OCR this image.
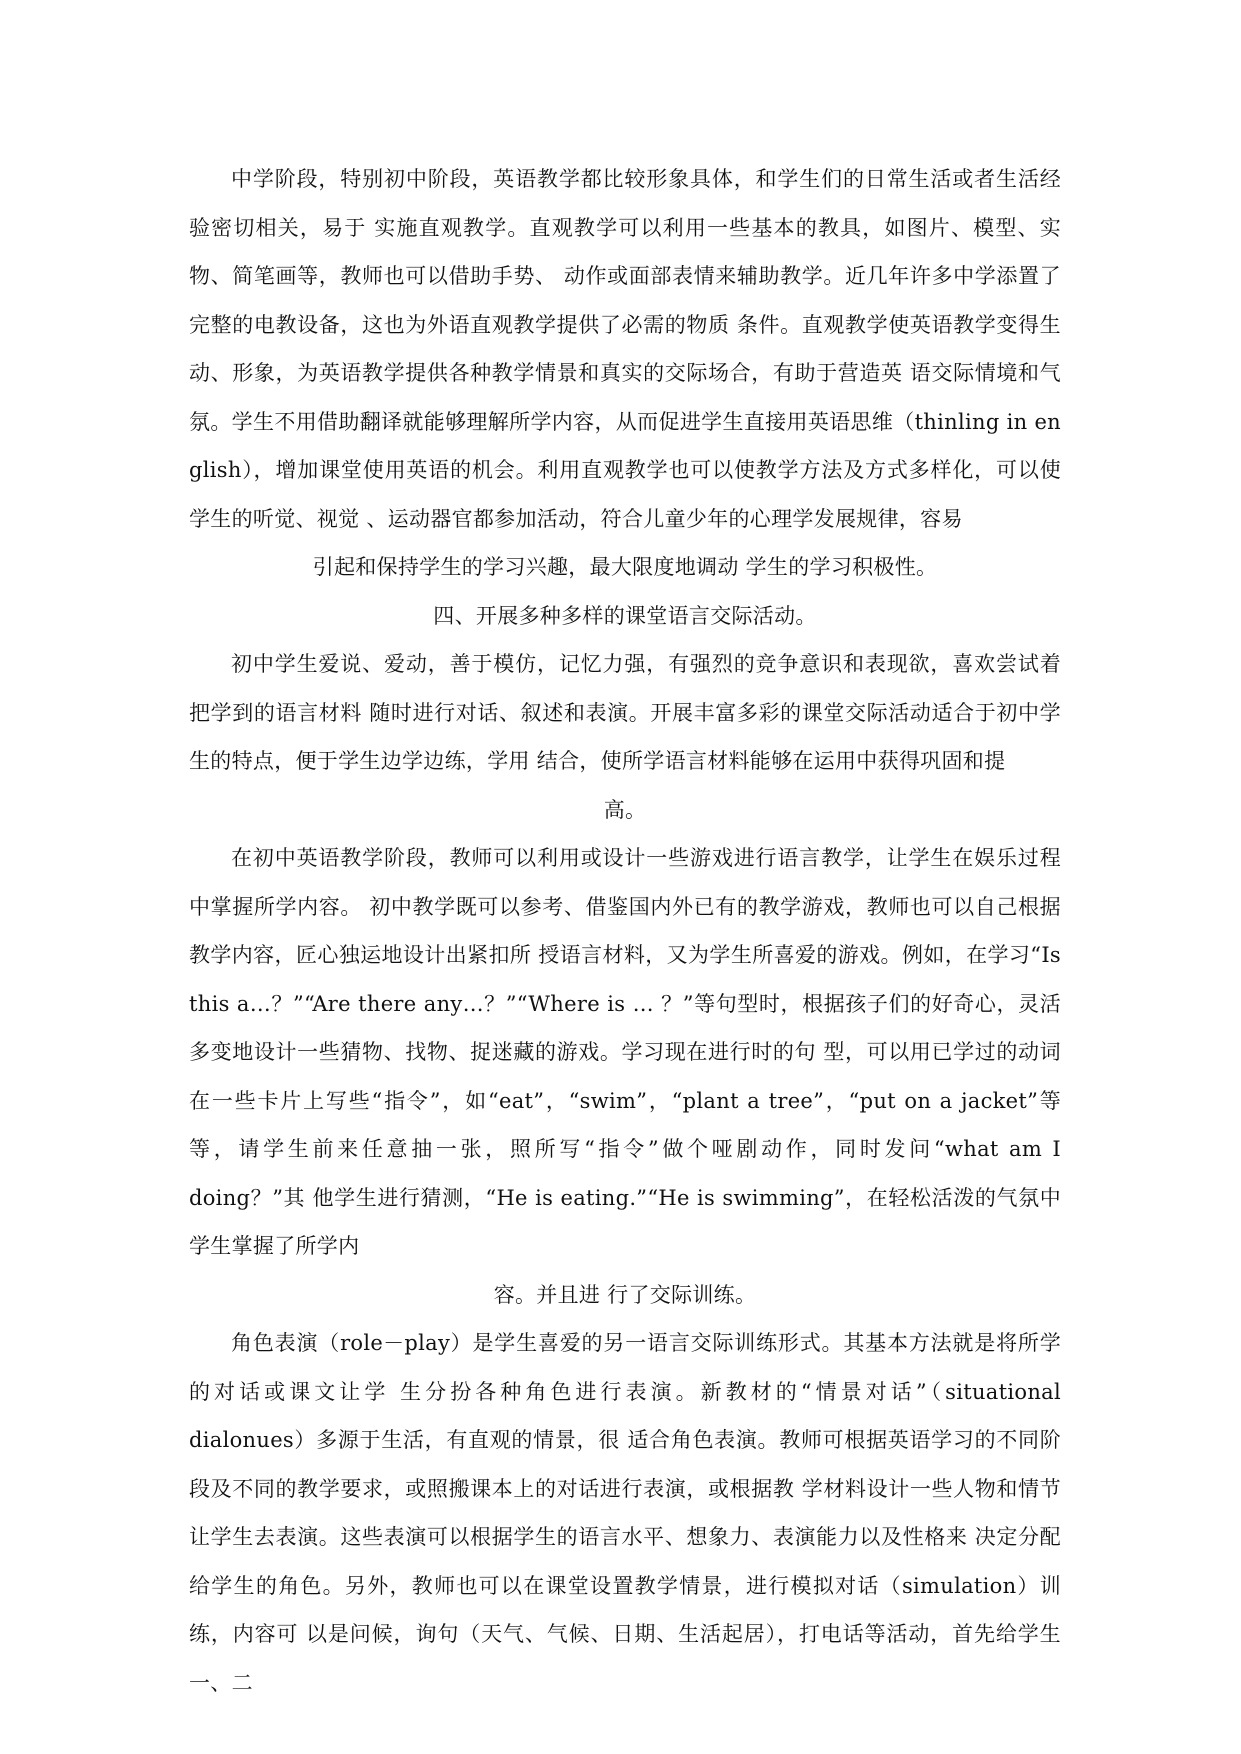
中学阶段，特别初中阶段，英语教学都比较形象具体，和学生们的日常生活或者生活经验密切相关，易于 实施直观教学。直观教学可以利用一些基本的教具，如图片、模型、实物、简笔画等，教师也可以借助手势、 动作或面部表情来辅助教学。近几年许多中学添置了完整的电教设备，这也为外语直观教学提供了必需的物质 条件。直观教学使英语教学变得生动、形象，为英语教学提供各种教学情景和真实的交际场合，有助于营造英 语交际情境和气氛。学生不用借助翻译就能够理解所学内容，从而促进学生直接用英语思维（thinling in en glish），增加课堂使用英语的机会。利用直观教学也可以使教学方法及方式多样化，可以使学生的听觉、视觉 、运动器官都参加活动，符合儿童少年的心理学发展规律，容易

引起和保持学生的学习兴趣，最大限度地调动 学生的学习积极性。

四、开展多种多样的课堂语言交际活动。

初中学生爱说、爱动，善于模仿，记忆力强，有强烈的竞争意识和表现欲，喜欢尝试着把学到的语言材料 随时进行对话、叙述和表演。开展丰富多彩的课堂交际活动适合于初中学生的特点，便于学生边学边练，学用 结合，使所学语言材料能够在运用中获得巩固和提

高。

在初中英语教学阶段，教师可以利用或设计一些游戏进行语言教学，让学生在娱乐过程中掌握所学内容。 初中教学既可以参考、借鉴国内外已有的教学游戏，教师也可以自己根据教学内容，匠心独运地设计出紧扣所 授语言材料，又为学生所喜爱的游戏。例如，在学习“Is this a…？”“Are there any…？”“Where is … ？”等句型时，根据孩子们的好奇心，灵活多变地设计一些猜物、找物、捉迷藏的游戏。学习现在进行时的句 型，可以用已学过的动词在一些卡片上写些“指令”，如“eat”，“swim”，“plant a tree”，“put on a jacket”等等，请学生前来任意抽一张，照所写“指令”做个哑剧动作，同时发问“what am I doing？”其 他学生进行猜测，“He is eating.”“He is swimming”，在轻松活泼的气氛中学生掌握了所学内

容。并且进 行了交际训练。

角色表演（role－play）是学生喜爱的另一语言交际训练形式。其基本方法就是将所学的对话或课文让学 生分扮各种角色进行表演。新教材的“情景对话”（situational dialonues）多源于生活，有直观的情景，很 适合角色表演。教师可根据英语学习的不同阶段及不同的教学要求，或照搬课本上的对话进行表演，或根据教 学材料设计一些人物和情节让学生去表演。这些表演可以根据学生的语言水平、想象力、表演能力以及性格来 决定分配给学生的角色。另外，教师也可以在课堂设置教学情景，进行模拟对话（simulation）训练，内容可 以是问候，询句（天气、气候、日期、生活起居），打电话等活动，首先给学生一、二
